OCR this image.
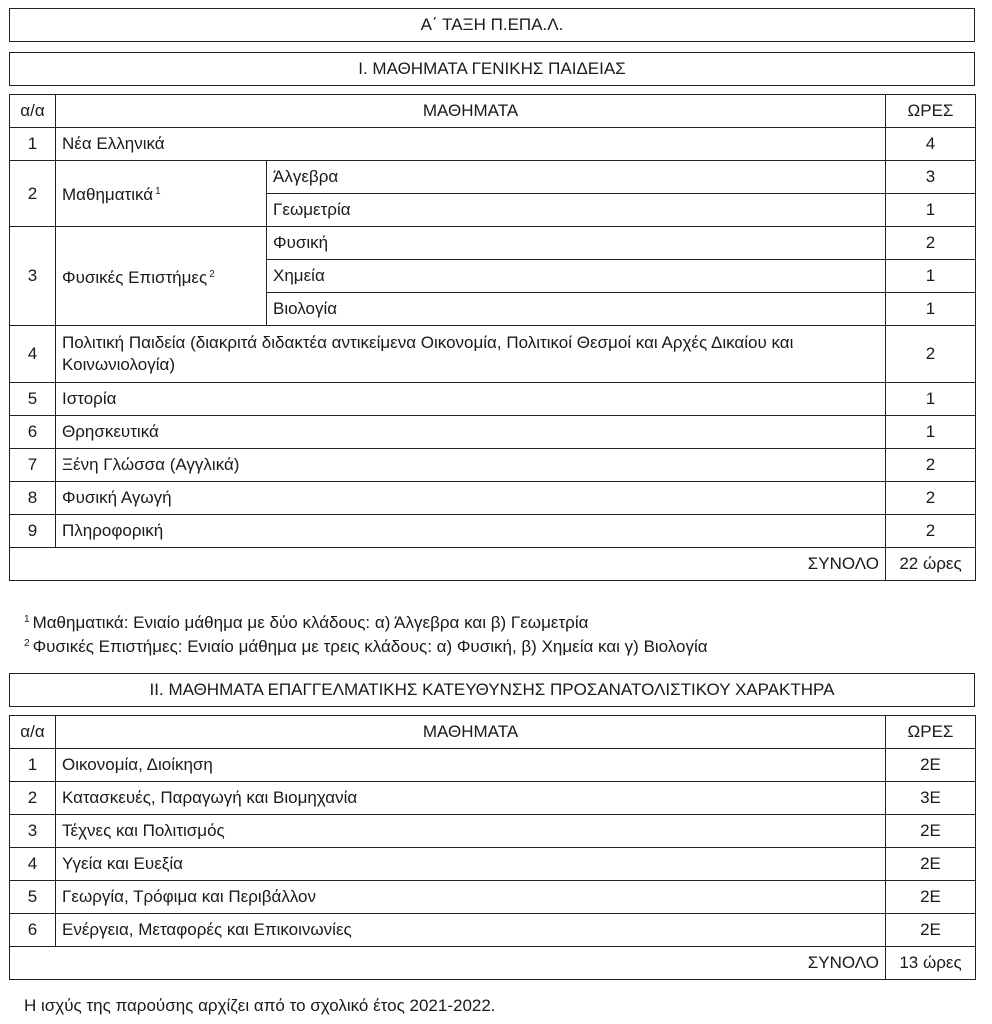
Α΄ ΤΑΞΗ Π.ΕΠΑ.Λ.
Ι. ΜΑΘΗΜΑΤΑ ΓΕΝΙΚΗΣ ΠΑΙΔΕΙΑΣ
α/α	ΜΑΘΗΜΑΤΑ		ΩΡΕΣ
1	Νέα Ελληνικά		4
2	Μαθηματικά $^1$	Άλγεβρα	3
		Γεωμετρία	1
3	Φυσικές Επιστήμες $^2$	Φυσική	2
		Χημεία	1
		Βιολογία	1
4	Πολιτική Παιδεία (διακριτά διδακτέα αντικείμενα Οικονομία, Πολιτικοί Θεσμοί και Αρχές Δικαίου και Κοινωνιολογία)		2
5	Ιστορία		1
6	Θρησκευτικά		1
7	Ξένη Γλώσσα (Αγγλικά)		2
8	Φυσική Αγωγή		2
9	Πληροφορική		2
ΣΥΝΟΛΟ			22 ώρες
$^1$ Μαθηματικά: Ενιαίο μάθημα με δύο κλάδους: α) Άλγεβρα και β) Γεωμετρία
$^2$ Φυσικές Επιστήμες: Ενιαίο μάθημα με τρεις κλάδους: α) Φυσική, β) Χημεία και γ) Βιολογία
ΙΙ. ΜΑΘΗΜΑΤΑ ΕΠΑΓΓΕΛΜΑΤΙΚΗΣ ΚΑΤΕΥΘΥΝΣΗΣ ΠΡΟΣΑΝΑΤΟΛΙΣΤΙΚΟΥ ΧΑΡΑΚΤΗΡΑ
α/α	ΜΑΘΗΜΑΤΑ	ΩΡΕΣ
1	Οικονομία, Διοίκηση	2Ε
2	Κατασκευές, Παραγωγή και Βιομηχανία	3Ε
3	Τέχνες και Πολιτισμός	2Ε
4	Υγεία και Ευεξία	2Ε
5	Γεωργία, Τρόφιμα και Περιβάλλον	2Ε
6	Ενέργεια, Μεταφορές και Επικοινωνίες	2Ε
ΣΥΝΟΛΟ		13 ώρες
Η ισχύς της παρούσης αρχίζει από το σχολικό έτος 2021-2022.
